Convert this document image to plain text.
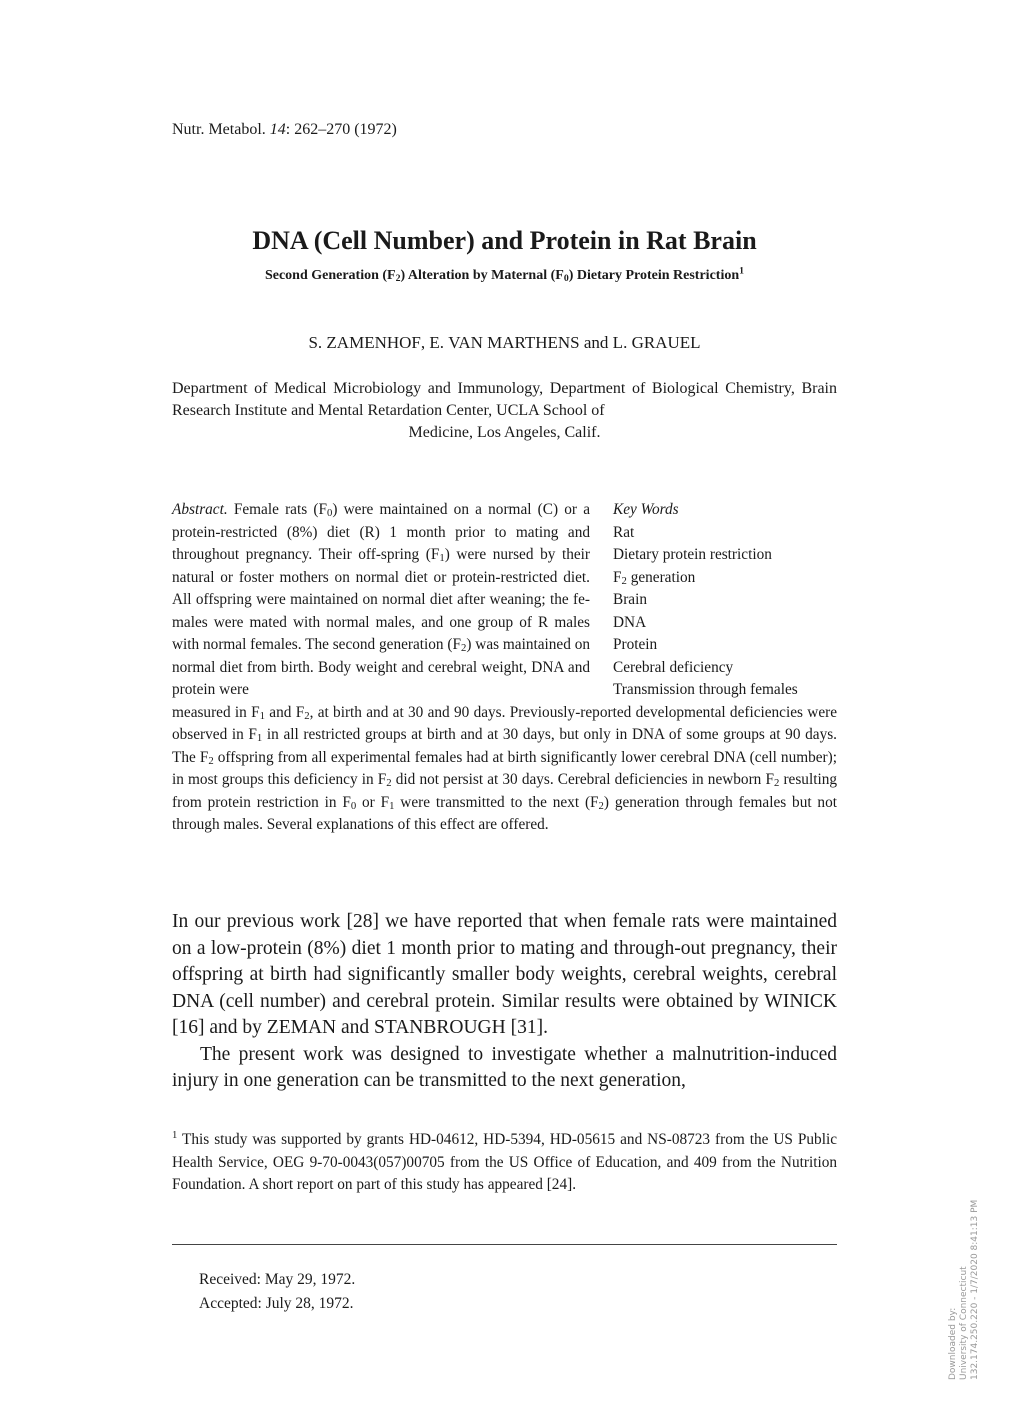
Nutr. Metabol. 14: 262–270 (1972)
DNA (Cell Number) and Protein in Rat Brain
Second Generation $(F_2)$ Alteration by Maternal $(F_0)$ Dietary Protein Restriction$^1$
S. ZAMENHOF, E. VAN MARTHENS and L. GRAUEL
Department of Medical Microbiology and Immunology, Department of Biological Chemistry, Brain Research Institute and Mental Retardation Center, UCLA School of
Medicine, Los Angeles, Calif.
Abstract. Female rats $(F_0)$ were maintained on a normal (C) or a protein-restricted (8%) diet (R) 1 month prior to mating and throughout pregnancy. Their off-spring $(F_1)$ were nursed by their natural or foster mothers on normal diet or protein-restricted diet. All offspring were maintained on normal diet after weaning; the fe-males were mated with normal males, and one group of R males with normal females. The second generation $(F_2)$ was maintained on normal diet from birth. Body weight and cerebral weight, DNA and protein were
Key Words
Rat
Dietary protein restriction
$F_2$ generation
Brain
DNA
Protein
Cerebral deficiency
Transmission through females
measured in $F_1$ and $F_2$, at birth and at 30 and 90 days. Previously-reported developmental deficiencies were observed in $F_1$ in all restricted groups at birth and at 30 days, but only in DNA of some groups at 90 days. The $F_2$ offspring from all experimental females had at birth significantly lower cerebral DNA (cell number); in most groups this deficiency in $F_2$ did not persist at 30 days. Cerebral deficiencies in newborn $F_2$ resulting from protein restriction in $F_0$ or $F_1$ were transmitted to the next $(F_2)$ generation through females but not through males. Several explanations of this effect are offered.

In our previous work [28] we have reported that when female rats were maintained on a low-protein (8%) diet 1 month prior to mating and through-out pregnancy, their offspring at birth had significantly smaller body weights, cerebral weights, cerebral DNA (cell number) and cerebral protein. Similar results were obtained by WINICK [16] and by ZEMAN and STANBROUGH [31].

The present work was designed to investigate whether a malnutrition-induced injury in one generation can be transmitted to the next generation,

$^1$ This study was supported by grants HD-04612, HD-5394, HD-05615 and NS-08723 from the US Public Health Service, OEG 9-70-0043(057)00705 from the US Office of Education, and 409 from the Nutrition Foundation. A short report on part of this study has appeared [24].
Received: May 29, 1972.
Accepted: July 28, 1972.
Downloaded by: University of Connecticut 132.174.250.220 - 1/7/2020 8:41:13 PM
